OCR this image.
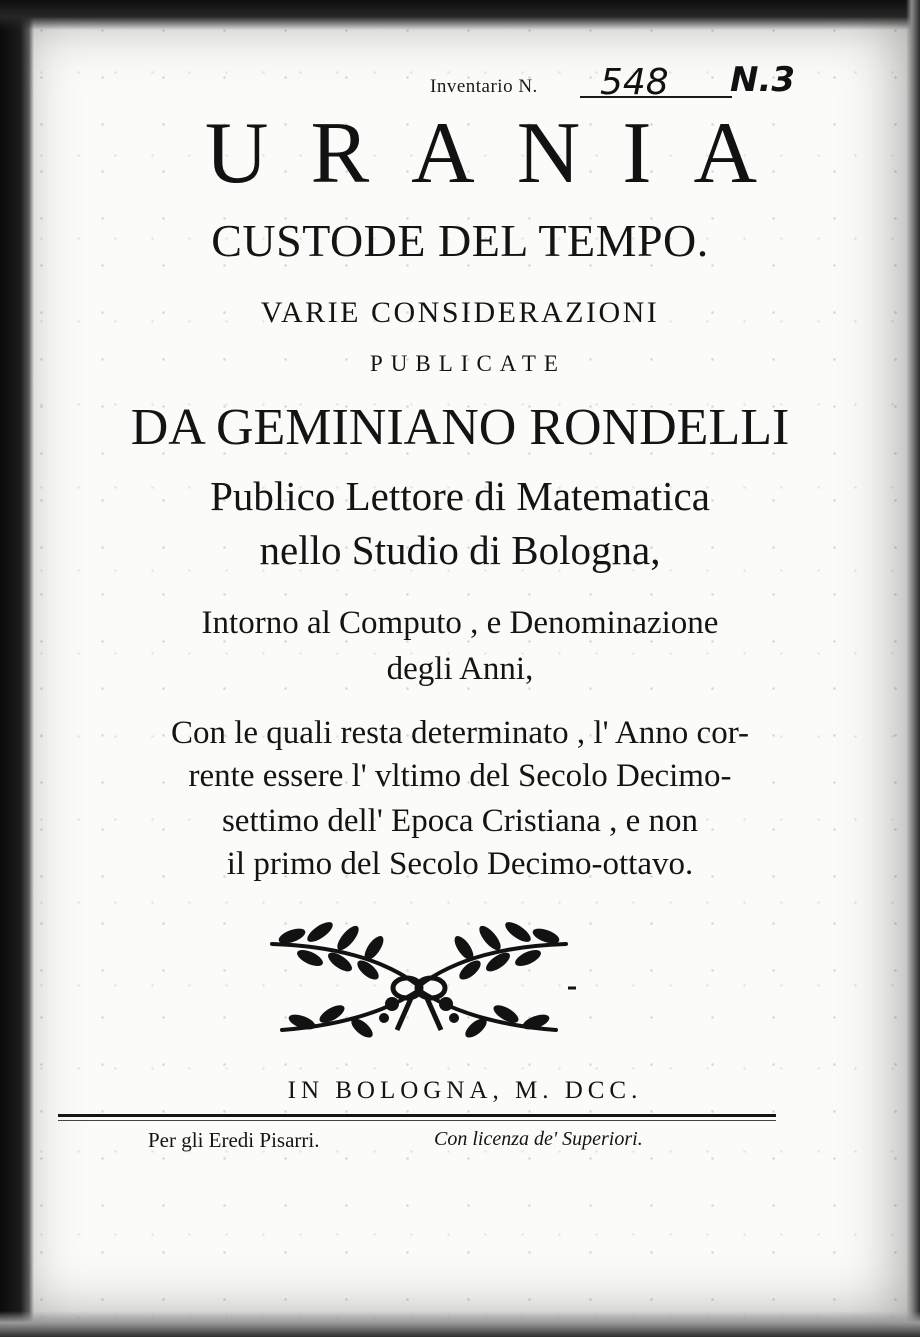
Inventario N. 548 N.3
URANIA
CUSTODE DEL TEMPO.
VARIE CONSIDERAZIONI
PUBLICATE
DA GEMINIANO RONDELLI
Publico Lettore di Matematica
nello Studio di Bologna,
Intorno al Computo , e Denominazione
degli Anni,
Con le quali resta determinato , l' Anno cor-
rente essere l' vltimo del Secolo Decimo-
settimo dell' Epoca Cristiana , e non
il primo del Secolo Decimo-ottavo.
IN BOLOGNA, M. DCC.
Per gli Eredi Pisarri.	Con licenza de' Superiori.
